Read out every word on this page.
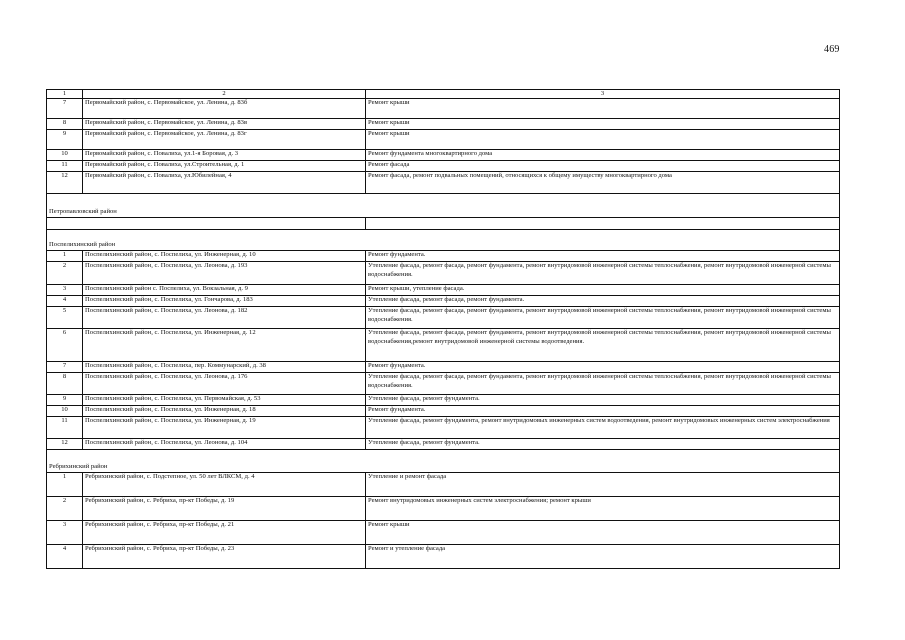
469
1	2	3
7	Первомайский район, с. Первомайское, ул. Ленина, д. 83б	Ремонт крыши
8	Первомайский район, с. Первомайское, ул. Ленина, д. 83в	Ремонт крыши
9	Первомайский район, с. Первомайское, ул. Ленина, д. 83г	Ремонт крыши
10	Первомайский район, с. Повалиха, ул.1-я Боровая, д. 3	Ремонт фундамента многоквартирного дома
11	Первомайский район, с. Повалиха, ул.Строительная, д. 1	Ремонт фасада
12	Первомайский район, с. Повалиха, ул.Юбилейная, 4	Ремонт фасада, ремонт подвальных помещений, относящихся к общему имуществу многоквартирного дома
Петропавловский район		

Поспелихинский район		
1	Поспелихинский район, с. Поспелиха, ул. Инженерная, д. 10	Ремонт фундамента.
2	Поспелихинский район, с. Поспелиха, ул. Леонова, д. 193	Утепление фасада, ремонт фасада, ремонт фундамента, ремонт внутридомовой инженерной системы теплоснабжения, ремонт внутридомовой инженерной системы водоснабжения.
3	Поспелихинский район с. Поспелиха, ул. Вокзальная, д. 9	Ремонт крыши, утепление фасада.
4	Поспелихинский район, с. Поспелиха, ул. Гончарова, д. 183	Утепление фасада, ремонт фасада, ремонт фундамента.
5	Поспелихинский район, с. Поспелиха, ул. Леонова, д. 182	Утепление фасада, ремонт фасада, ремонт фундамента, ремонт внутридомовой инженерной системы теплоснабжения, ремонт внутридомовой инженерной системы водоснабжения.
6	Поспелихинский район, с. Поспелиха, ул. Инженерная, д. 12	Утепление фасада, ремонт фасада, ремонт фундамента, ремонт внутридомовой инженерной системы теплоснабжения, ремонт внутридомовой инженерной системы водоснабжения,ремонт внутридомовой инженерной системы водоотведения.
7	Поспелихинский район, с. Поспелиха, пер. Коммунарский, д. 38	Ремонт фундамента.
8	Поспелихинский район, с. Поспелиха, ул. Леонова, д. 176	Утепление фасада, ремонт фасада, ремонт фундамента, ремонт внутридомовой инженерной системы теплоснабжения, ремонт внутридомовой инженерной системы водоснабжения.
9	Поспелихинский район, с. Поспелиха, ул. Первомайская, д. 53	Утепление фасада, ремонт фундамента.
10	Поспелихинский район, с. Поспелиха, ул. Инженерная, д. 18	Ремонт фундамента.
11	Поспелихинский район, с. Поспелиха, ул. Инженерная, д. 19	Утепление фасада, ремонт фундамента, ремонт внутридомовых инженерных систем водоотведения, ремонт внутридомовых инженерных систем электроснабжения
12	Поспелихинский район, с. Поспелиха, ул. Леонова, д. 104	Утепление фасада, ремонт фундамента.
Ребрихинский район		
1	Ребрихинский район, с. Подстепное, ул. 50 лет ВЛКСМ, д. 4	Утепление и ремонт фасада
2	Ребрихинский район, с. Ребриха, пр-кт Победы, д. 19	Ремонт внутридомовых инженерных систем электроснабжения; ремонт крыши
3	Ребрихинский район, с. Ребриха, пр-кт Победы, д. 21	Ремонт крыши
4	Ребрихинский район, с. Ребриха, пр-кт Победы, д. 23	Ремонт и утепление фасада
